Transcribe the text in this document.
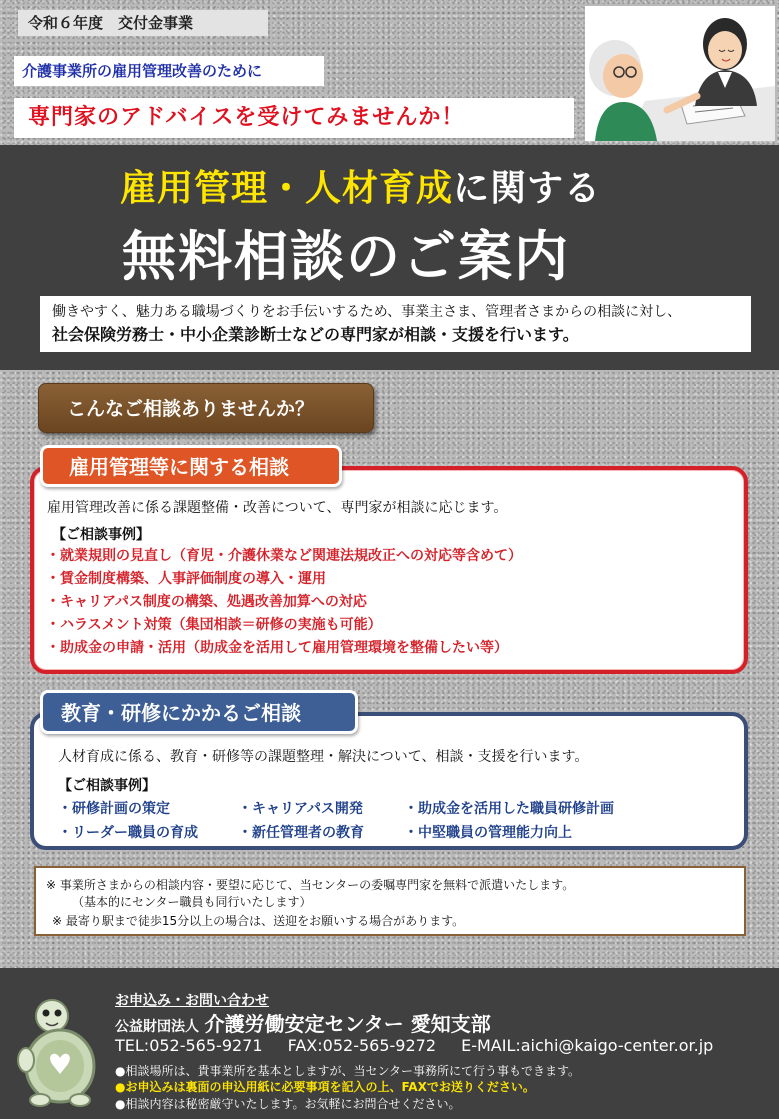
令和６年度　交付金事業
介護事業所の雇用管理改善のために
専門家のアドバイスを受けてみませんか！
雇用管理・人材育成に関する
無料相談のご案内
働きやすく、魅力ある職場づくりをお手伝いするため、事業主さま、管理者さまからの相談に対し、
社会保険労務士・中小企業診断士などの専門家が相談・支援を行います。
こんなご相談ありませんか？
雇用管理等に関する相談
雇用管理改善に係る課題整備・改善について、専門家が相談に応じます。
【ご相談事例】
・就業規則の見直し（育児・介護休業など関連法規改正への対応等含めて）
・賃金制度構築、人事評価制度の導入・運用
・キャリアパス制度の構築、処遇改善加算への対応
・ハラスメント対策（集団相談＝研修の実施も可能）
・助成金の申請・活用（助成金を活用して雇用管理環境を整備したい等）
教育・研修にかかるご相談
人材育成に係る、教育・研修等の課題整理・解決について、相談・支援を行います。
【ご相談事例】
・研修計画の策定	・キャリアパス開発	・助成金を活用した職員研修計画
・リーダー職員の育成	・新任管理者の教育	・中堅職員の管理能力向上
※ 事業所さまからの相談内容・要望に応じて、当センターの委嘱専門家を無料で派遣いたします。
（基本的にセンター職員も同行いたします）
※ 最寄り駅まで徒歩15分以上の場合は、送迎をお願いする場合があります。
お申込み・お問い合わせ
公益財団法人 介護労働安定センター 愛知支部
TEL:052-565-9271 FAX:052-565-9272 E-MAIL:aichi@kaigo-center.or.jp
●相談場所は、貴事業所を基本としますが、当センター事務所にて行う事もできます。
●お申込みは裏面の申込用紙に必要事項を記入の上、FAXでお送りください。
●相談内容は秘密厳守いたします。お気軽にお問合せください。
